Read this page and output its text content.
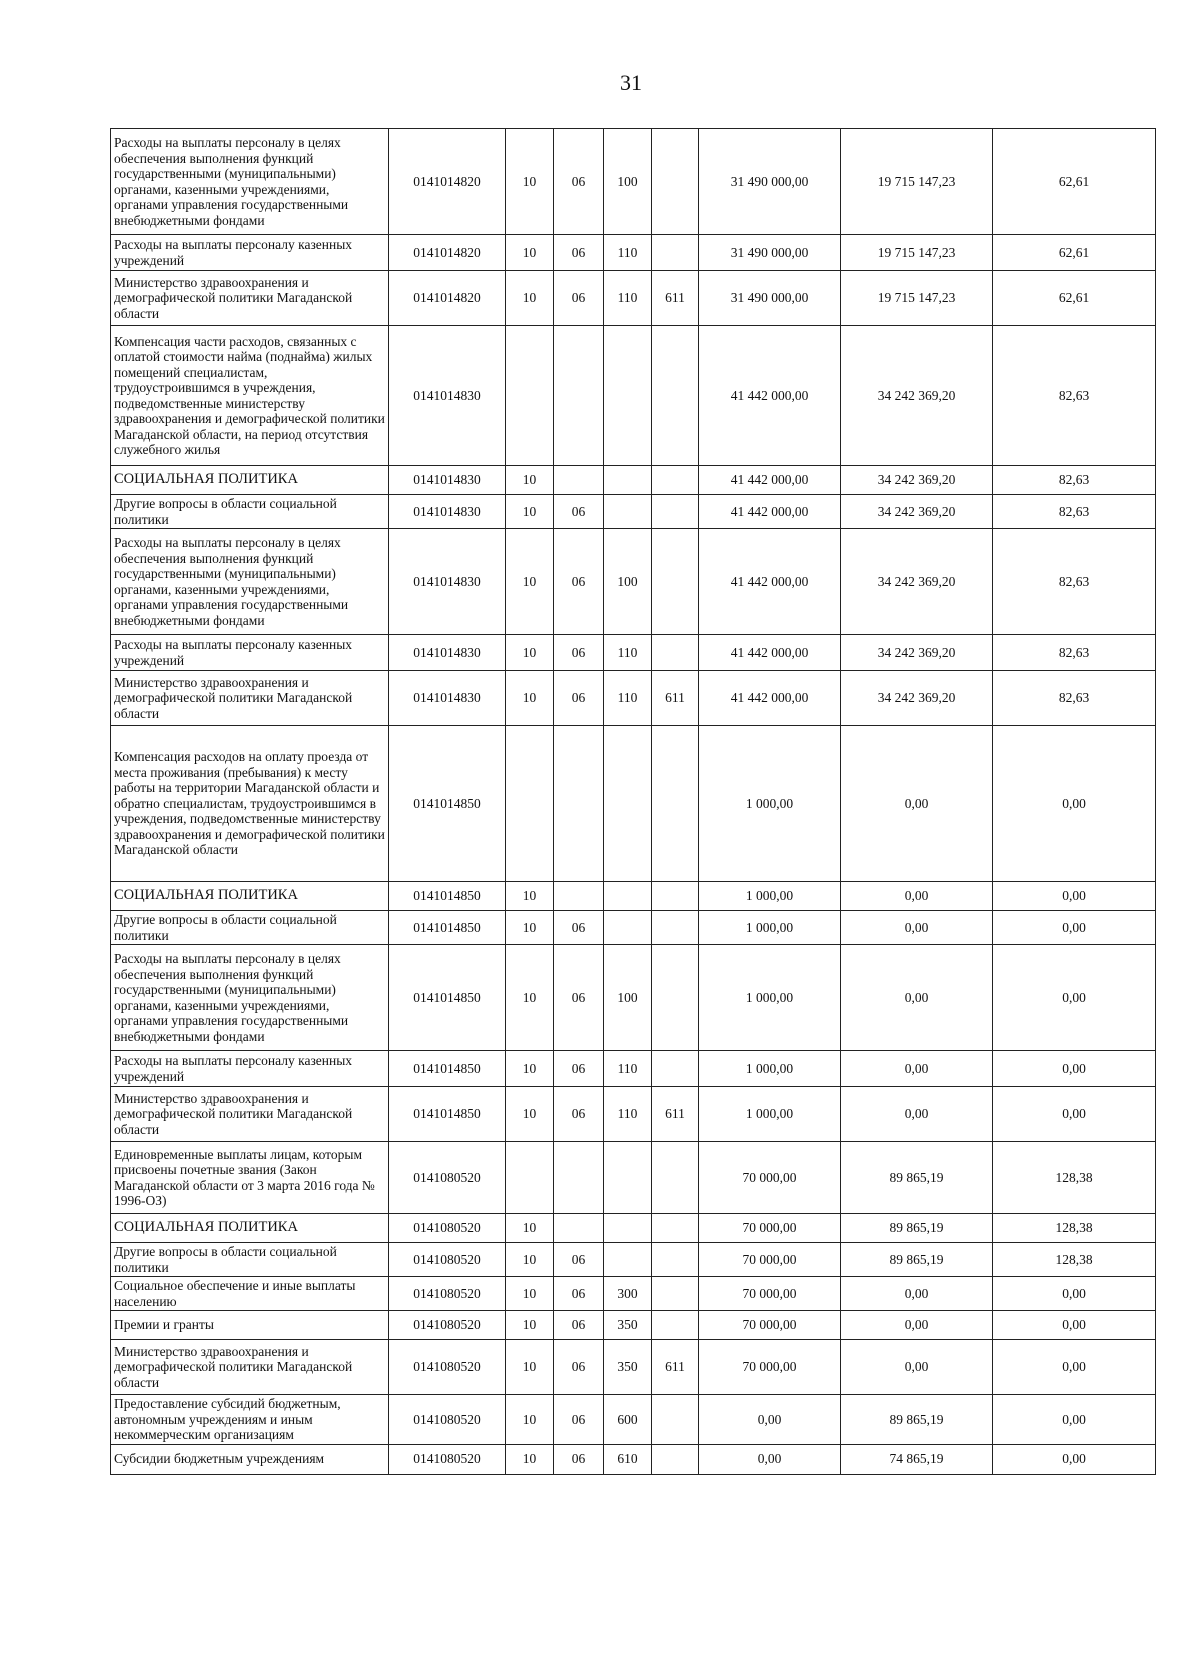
31
Расходы на выплаты персоналу в целях обеспечения выполнения функций государственными (муниципальными) органами, казенными учреждениями, органами управления государственными внебюджетными фондами	0141014820	10	06	100		31 490 000,00	19 715 147,23	62,61
Расходы на выплаты персоналу казенных учреждений	0141014820	10	06	110		31 490 000,00	19 715 147,23	62,61
Министерство здравоохранения и демографической политики Магаданской области	0141014820	10	06	110	611	31 490 000,00	19 715 147,23	62,61
Компенсация части расходов, связанных с оплатой стоимости найма (поднайма) жилых помещений специалистам, трудоустроившимся в учреждения, подведомственные министерству здравоохранения и демографической политики Магаданской области, на период отсутствия служебного жилья	0141014830					41 442 000,00	34 242 369,20	82,63
СОЦИАЛЬНАЯ ПОЛИТИКА	0141014830	10				41 442 000,00	34 242 369,20	82,63
Другие вопросы в области социальной политики	0141014830	10	06			41 442 000,00	34 242 369,20	82,63
Расходы на выплаты персоналу в целях обеспечения выполнения функций государственными (муниципальными) органами, казенными учреждениями, органами управления государственными внебюджетными фондами	0141014830	10	06	100		41 442 000,00	34 242 369,20	82,63
Расходы на выплаты персоналу казенных учреждений	0141014830	10	06	110		41 442 000,00	34 242 369,20	82,63
Министерство здравоохранения и демографической политики Магаданской области	0141014830	10	06	110	611	41 442 000,00	34 242 369,20	82,63
Компенсация расходов на оплату проезда от места проживания (пребывания) к месту работы на территории Магаданской области и обратно специалистам, трудоустроившимся в учреждения, подведомственные министерству здравоохранения и демографической политики Магаданской области	0141014850					1 000,00	0,00	0,00
СОЦИАЛЬНАЯ ПОЛИТИКА	0141014850	10				1 000,00	0,00	0,00
Другие вопросы в области социальной политики	0141014850	10	06			1 000,00	0,00	0,00
Расходы на выплаты персоналу в целях обеспечения выполнения функций государственными (муниципальными) органами, казенными учреждениями, органами управления государственными внебюджетными фондами	0141014850	10	06	100		1 000,00	0,00	0,00
Расходы на выплаты персоналу казенных учреждений	0141014850	10	06	110		1 000,00	0,00	0,00
Министерство здравоохранения и демографической политики Магаданской области	0141014850	10	06	110	611	1 000,00	0,00	0,00
Единовременные выплаты лицам, которым присвоены почетные звания (Закон Магаданской области от 3 марта 2016 года № 1996-ОЗ)	0141080520					70 000,00	89 865,19	128,38
СОЦИАЛЬНАЯ ПОЛИТИКА	0141080520	10				70 000,00	89 865,19	128,38
Другие вопросы в области социальной политики	0141080520	10	06			70 000,00	89 865,19	128,38
Социальное обеспечение и иные выплаты населению	0141080520	10	06	300		70 000,00	0,00	0,00
Премии и гранты	0141080520	10	06	350		70 000,00	0,00	0,00
Министерство здравоохранения и демографической политики Магаданской области	0141080520	10	06	350	611	70 000,00	0,00	0,00
Предоставление субсидий бюджетным, автономным учреждениям и иным некоммерческим организациям	0141080520	10	06	600		0,00	89 865,19	0,00
Субсидии бюджетным учреждениям	0141080520	10	06	610		0,00	74 865,19	0,00
